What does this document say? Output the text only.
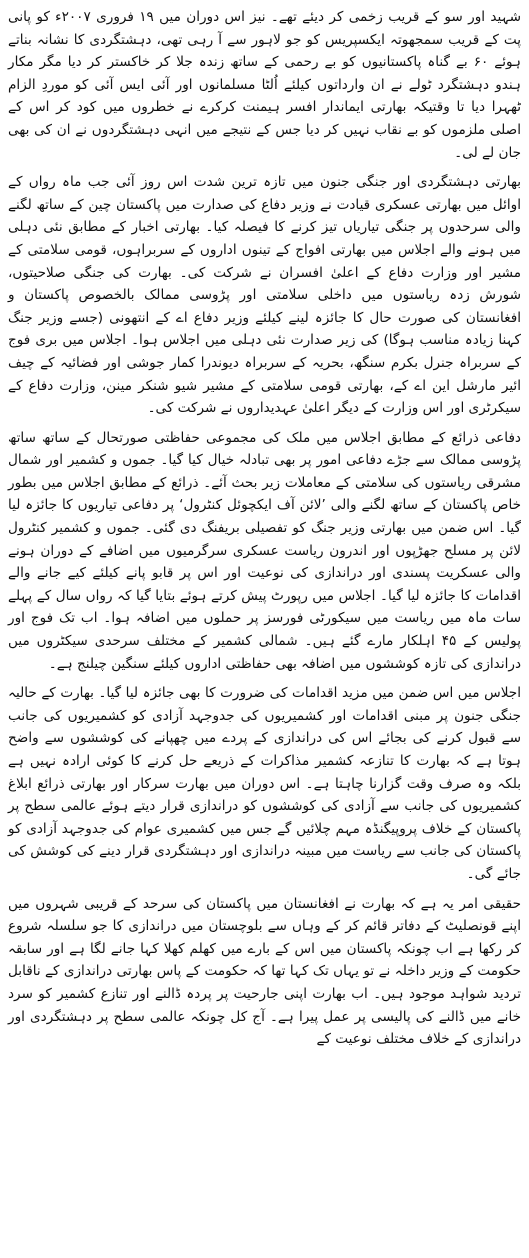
شہید اور سو کے قریب زخمی کر دیئے تھے۔ نیز اس دوران میں ۱۹ فروری ۲۰۰۷ء کو پانی پت کے قریب سمجھوتہ ایکسپریس کو جو لاہور سے آ رہی تھی، دہشتگردی کا نشانہ بناتے ہوئے ۶۰ بے گناہ پاکستانیوں کو بے رحمی کے ساتھ زندہ جلا کر خاکستر کر دیا مگر مکار ہندو دہشتگرد ٹولے نے ان وارداتوں کیلئے اُلٹا مسلمانوں اور آئی ایس آئی کو موردِ الزام ٹھہرا دیا تا وقتیکہ بھارتی ایماندار افسر ہیمنت کرکرے نے خطروں میں کود کر اس کے اصلی ملزموں کو بے نقاب نہیں کر دیا جس کے نتیجے میں انہی دہشتگردوں نے ان کی بھی جان لے لی۔

بھارتی دہشتگردی اور جنگی جنون میں تازہ ترین شدت اس روز آئی جب ماہ رواں کے اوائل میں بھارتی عسکری قیادت نے وزیر دفاع کی صدارت میں پاکستان چین کے ساتھ لگنے والی سرحدوں پر جنگی تیاریاں تیز کرنے کا فیصلہ کیا۔ بھارتی اخبار کے مطابق نئی دہلی میں ہونے والے اجلاس میں بھارتی افواج کے تینوں اداروں کے سربراہوں، قومی سلامتی کے مشیر اور وزارت دفاع کے اعلیٰ افسران نے شرکت کی۔ بھارت کی جنگی صلاحیتوں، شورش زدہ ریاستوں میں داخلی سلامتی اور پڑوسی ممالک بالخصوص پاکستان و افغانستان کی صورت حال کا جائزہ لینے کیلئے وزیر دفاع اے کے انتھونی (جسے وزیر جنگ کہنا زیادہ مناسب ہوگا) کی زیر صدارت نئی دہلی میں اجلاس ہوا۔ اجلاس میں بری فوج کے سربراہ جنرل بکرم سنگھ، بحریہ کے سربراہ دیوندرا کمار جوشی اور فضائیہ کے چیف ائیر مارشل این اے کے، بھارتی قومی سلامتی کے مشیر شیو شنکر مینن، وزارت دفاع کے سیکرٹری اور اس وزارت کے دیگر اعلیٰ عہدیداروں نے شرکت کی۔

دفاعی ذرائع کے مطابق اجلاس میں ملک کی مجموعی حفاظتی صورتحال کے ساتھ ساتھ پڑوسی ممالک سے جڑے دفاعی امور پر بھی تبادلہ خیال کیا گیا۔ جموں و کشمیر اور شمال مشرقی ریاستوں کی سلامتی کے معاملات زیر بحث آئے۔ ذرائع کے مطابق اجلاس میں بطور خاص پاکستان کے ساتھ لگنے والی ’لائن آف ایکچوئل کنٹرول‘ پر دفاعی تیاریوں کا جائزہ لیا گیا۔ اس ضمن میں بھارتی وزیر جنگ کو تفصیلی بریفنگ دی گئی۔ جموں و کشمیر کنٹرول لائن پر مسلح جھڑپوں اور اندرون ریاست عسکری سرگرمیوں میں اضافے کے دوران ہونے والی عسکریت پسندی اور دراندازی کی نوعیت اور اس پر قابو پانے کیلئے کیے جانے والے اقدامات کا جائزہ لیا گیا۔ اجلاس میں رپورٹ پیش کرتے ہوئے بتایا گیا کہ رواں سال کے پہلے سات ماہ میں ریاست میں سیکورٹی فورسز پر حملوں میں اضافہ ہوا۔ اب تک فوج اور پولیس کے ۴۵ اہلکار مارے گئے ہیں۔ شمالی کشمیر کے مختلف سرحدی سیکٹروں میں دراندازی کی تازہ کوششوں میں اضافہ بھی حفاظتی اداروں کیلئے سنگین چیلنج ہے۔

اجلاس میں اس ضمن میں مزید اقدامات کی ضرورت کا بھی جائزہ لیا گیا۔ بھارت کے حالیہ جنگی جنون پر مبنی اقدامات اور کشمیریوں کی جدوجہد آزادی کو کشمیریوں کی جانب سے قبول کرنے کی بجائے اس کی دراندازی کے پردے میں چھپانے کی کوششوں سے واضح ہوتا ہے کہ بھارت کا تنازعہ کشمیر مذاکرات کے ذریعے حل کرنے کا کوئی ارادہ نہیں ہے بلکہ وہ صرف وقت گزارنا چاہتا ہے۔ اس دوران میں بھارت سرکار اور بھارتی ذرائع ابلاغ کشمیریوں کی جانب سے آزادی کی کوششوں کو دراندازی قرار دیتے ہوئے عالمی سطح پر پاکستان کے خلاف پروپیگنڈہ مہم چلائیں گے جس میں کشمیری عوام کی جدوجہد آزادی کو پاکستان کی جانب سے ریاست میں مبینہ دراندازی اور دہشتگردی قرار دینے کی کوشش کی جائے گی۔

حقیقی امر یہ ہے کہ بھارت نے افغانستان میں پاکستان کی سرحد کے قریبی شہروں میں اپنے قونصلیٹ کے دفاتر قائم کر کے وہاں سے بلوچستان میں دراندازی کا جو سلسلہ شروع کر رکھا ہے اب چونکہ پاکستان میں اس کے بارے میں کھلم کھلا کہا جانے لگا ہے اور سابقہ حکومت کے وزیر داخلہ نے تو یہاں تک کہا تھا کہ حکومت کے پاس بھارتی دراندازی کے ناقابل تردید شواہد موجود ہیں۔ اب بھارت اپنی جارحیت پر پردہ ڈالنے اور تنازع کشمیر کو سرد خانے میں ڈالنے کی پالیسی پر عمل پیرا ہے۔ آج کل چونکہ عالمی سطح پر دہشتگردی اور دراندازی کے خلاف مختلف نوعیت کے
